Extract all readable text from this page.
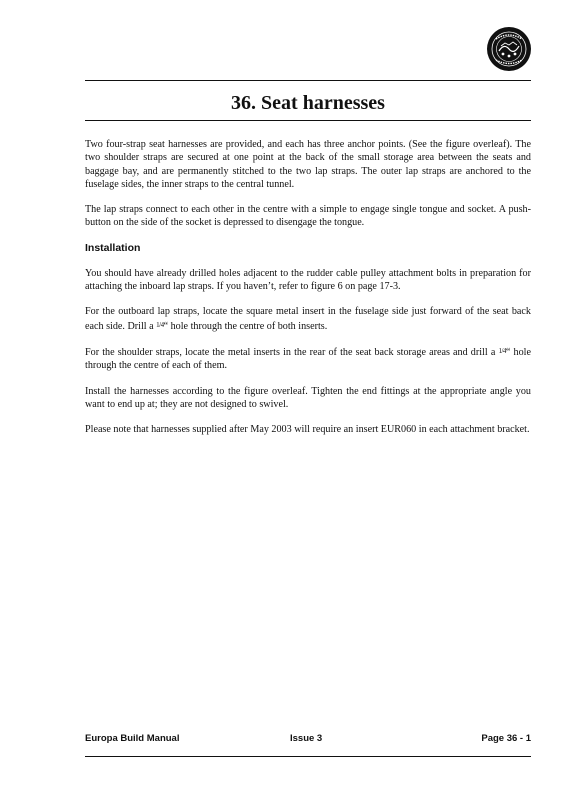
36. Seat harnesses

Two four-strap seat harnesses are provided, and each has three anchor points. (See the figure overleaf). The two shoulder straps are secured at one point at the back of the small storage area between the seats and baggage bay, and are permanently stitched to the two lap straps. The outer lap straps are anchored to the fuselage sides, the inner straps to the central tunnel.

The lap straps connect to each other in the centre with a simple to engage single tongue and socket. A push-button on the side of the socket is depressed to disengage the tongue.

Installation

You should have already drilled holes adjacent to the rudder cable pulley attachment bolts in preparation for attaching the inboard lap straps. If you haven’t, refer to figure 6 on page 17-3.

For the outboard lap straps, locate the square metal insert in the fuselage side just forward of the seat back each side. Drill a 1/4“ hole through the centre of both inserts.

For the shoulder straps, locate the metal inserts in the rear of the seat back storage areas and drill a 1/4“ hole through the centre of each of them.

Install the harnesses according to the figure overleaf. Tighten the end fittings at the appropriate angle you want to end up at; they are not designed to swivel.

Please note that harnesses supplied after May 2003 will require an insert EUR060 in each attachment bracket.

Europa Build Manual	Issue 3	Page 36 - 1
